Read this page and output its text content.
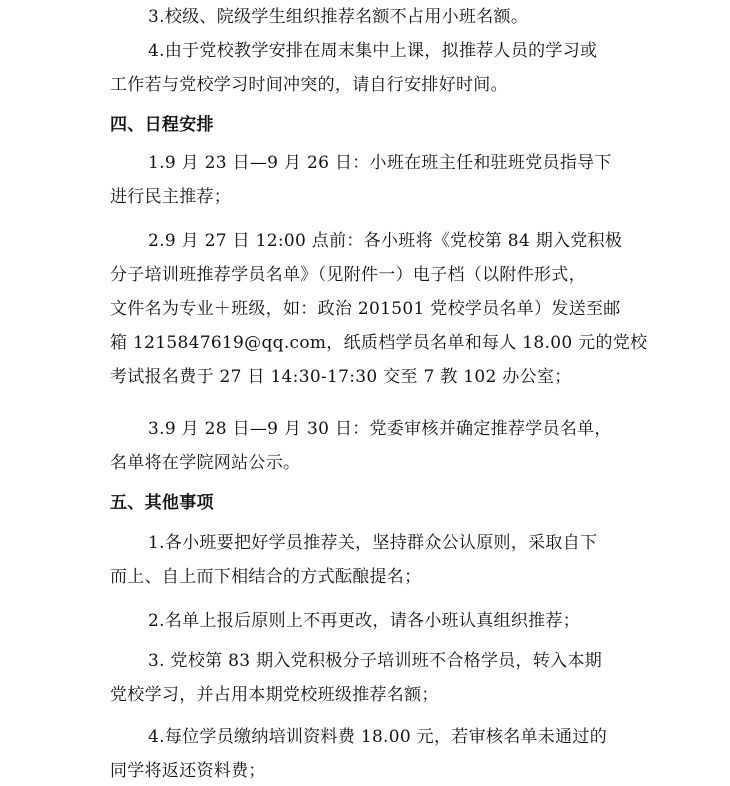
3.校级、院级学生组织推荐名额不占用小班名额。
4.由于党校教学安排在周末集中上课，拟推荐人员的学习或
工作若与党校学习时间冲突的，请自行安排好时间。
四、日程安排
1.9 月 23 日—9 月 26 日：小班在班主任和驻班党员指导下
进行民主推荐；
2.9 月 27 日 12:00 点前：各小班将《党校第 84 期入党积极
分子培训班推荐学员名单》（见附件一）电子档（以附件形式，
文件名为专业＋班级，如：政治 201501 党校学员名单）发送至邮
箱 1215847619@qq.com，纸质档学员名单和每人 18.00 元的党校
考试报名费于 27 日 14:30-17:30 交至 7 教 102 办公室；
3.9 月 28 日—9 月 30 日：党委审核并确定推荐学员名单，
名单将在学院网站公示。
五、其他事项
1.各小班要把好学员推荐关，坚持群众公认原则，采取自下
而上、自上而下相结合的方式酝酿提名；
2.名单上报后原则上不再更改，请各小班认真组织推荐；
3. 党校第 83 期入党积极分子培训班不合格学员，转入本期
党校学习，并占用本期党校班级推荐名额；
4.每位学员缴纳培训资料费 18.00 元，若审核名单未通过的
同学将返还资料费；
